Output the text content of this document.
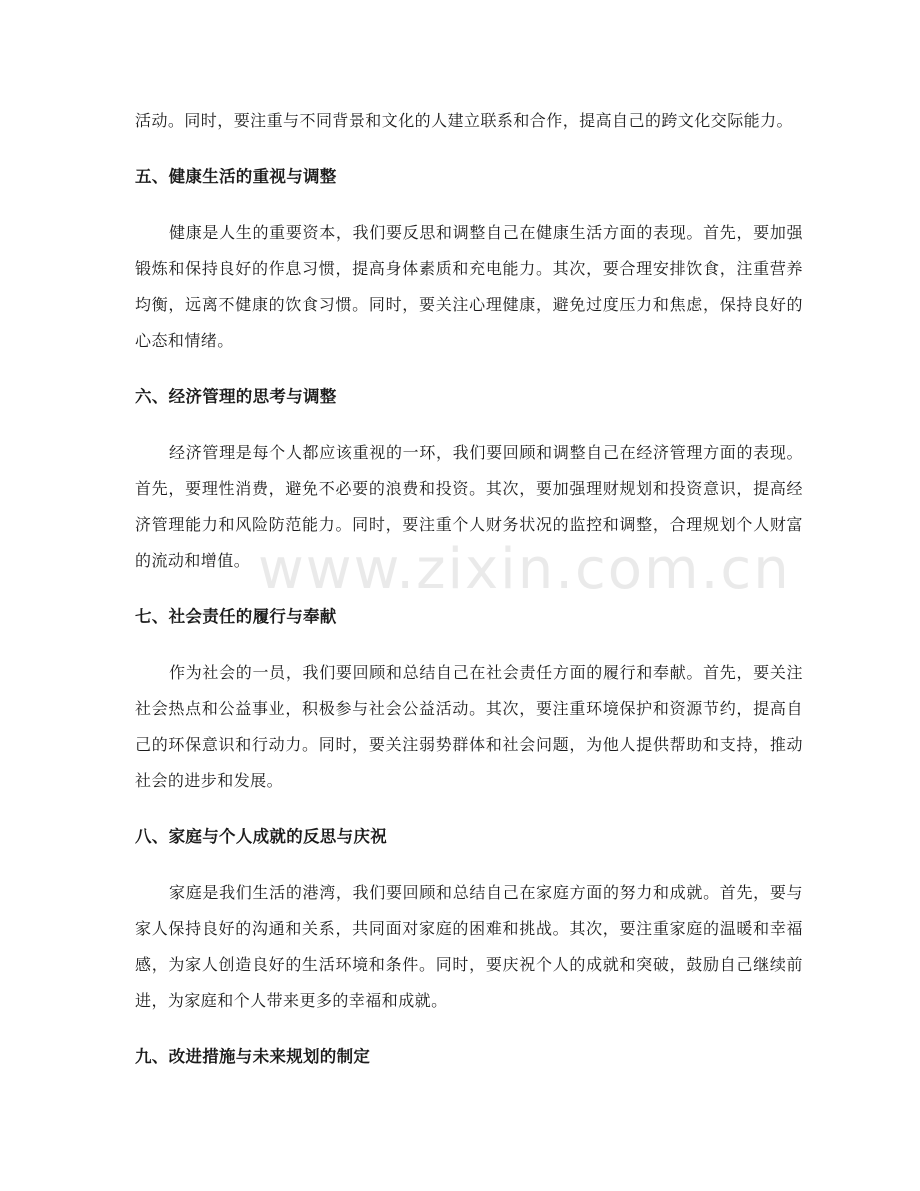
活动。同时，要注重与不同背景和文化的人建立联系和合作，提高自己的跨文化交际能力。

五、健康生活的重视与调整

健康是人生的重要资本，我们要反思和调整自己在健康生活方面的表现。首先，要加强锻炼和保持良好的作息习惯，提高身体素质和充电能力。其次，要合理安排饮食，注重营养均衡，远离不健康的饮食习惯。同时，要关注心理健康，避免过度压力和焦虑，保持良好的心态和情绪。

六、经济管理的思考与调整

经济管理是每个人都应该重视的一环，我们要回顾和调整自己在经济管理方面的表现。首先，要理性消费，避免不必要的浪费和投资。其次，要加强理财规划和投资意识，提高经济管理能力和风险防范能力。同时，要注重个人财务状况的监控和调整，合理规划个人财富的流动和增值。

七、社会责任的履行与奉献

作为社会的一员，我们要回顾和总结自己在社会责任方面的履行和奉献。首先，要关注社会热点和公益事业，积极参与社会公益活动。其次，要注重环境保护和资源节约，提高自己的环保意识和行动力。同时，要关注弱势群体和社会问题，为他人提供帮助和支持，推动社会的进步和发展。

八、家庭与个人成就的反思与庆祝

家庭是我们生活的港湾，我们要回顾和总结自己在家庭方面的努力和成就。首先，要与家人保持良好的沟通和关系，共同面对家庭的困难和挑战。其次，要注重家庭的温暖和幸福感，为家人创造良好的生活环境和条件。同时，要庆祝个人的成就和突破，鼓励自己继续前进，为家庭和个人带来更多的幸福和成就。

九、改进措施与未来规划的制定
www.zixin.com.cn
